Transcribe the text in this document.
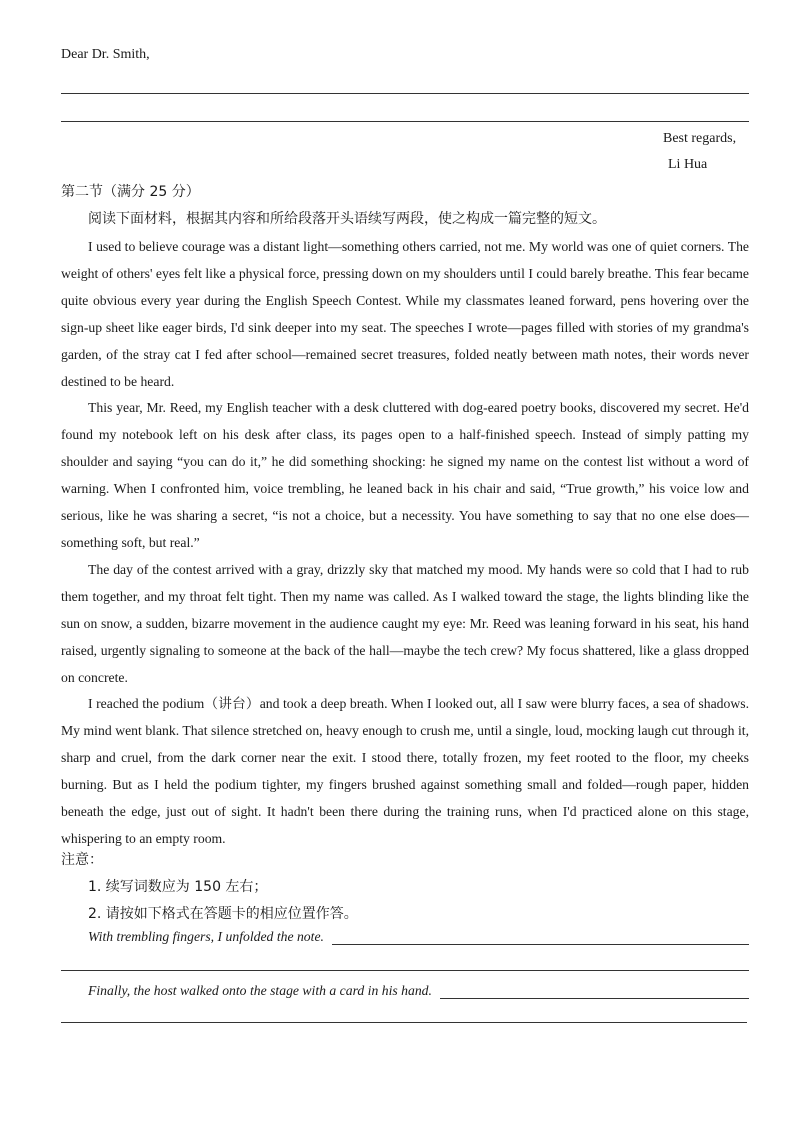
Dear Dr. Smith,
Best regards,
Li Hua
第二节（满分 25 分）
阅读下面材料，根据其内容和所给段落开头语续写两段，使之构成一篇完整的短文。

I used to believe courage was a distant light—something others carried, not me. My world was one of quiet corners. The weight of others' eyes felt like a physical force, pressing down on my shoulders until I could barely breathe. This fear became quite obvious every year during the English Speech Contest. While my classmates leaned forward, pens hovering over the sign-up sheet like eager birds, I'd sink deeper into my seat. The speeches I wrote—pages filled with stories of my grandma's garden, of the stray cat I fed after school—remained secret treasures, folded neatly between math notes, their words never destined to be heard.

This year, Mr. Reed, my English teacher with a desk cluttered with dog-eared poetry books, discovered my secret. He'd found my notebook left on his desk after class, its pages open to a half-finished speech. Instead of simply patting my shoulder and saying “you can do it,” he did something shocking: he signed my name on the contest list without a word of warning. When I confronted him, voice trembling, he leaned back in his chair and said, “True growth,” his voice low and serious, like he was sharing a secret, “is not a choice, but a necessity. You have something to say that no one else does—something soft, but real.”

The day of the contest arrived with a gray, drizzly sky that matched my mood. My hands were so cold that I had to rub them together, and my throat felt tight. Then my name was called. As I walked toward the stage, the lights blinding like the sun on snow, a sudden, bizarre movement in the audience caught my eye: Mr. Reed was leaning forward in his seat, his hand raised, urgently signaling to someone at the back of the hall—maybe the tech crew? My focus shattered, like a glass dropped on concrete.

I reached the podium（讲台）and took a deep breath. When I looked out, all I saw were blurry faces, a sea of shadows. My mind went blank. That silence stretched on, heavy enough to crush me, until a single, loud, mocking laugh cut through it, sharp and cruel, from the dark corner near the exit. I stood there, totally frozen, my feet rooted to the floor, my cheeks burning. But as I held the podium tighter, my fingers brushed against something small and folded—rough paper, hidden beneath the edge, just out of sight. It hadn't been there during the training runs, when I'd practiced alone on this stage, whispering to an empty room.

注意：
1. 续写词数应为 150 左右；
2. 请按如下格式在答题卡的相应位置作答。
With trembling fingers, I unfolded the note.
Finally, the host walked onto the stage with a card in his hand.
